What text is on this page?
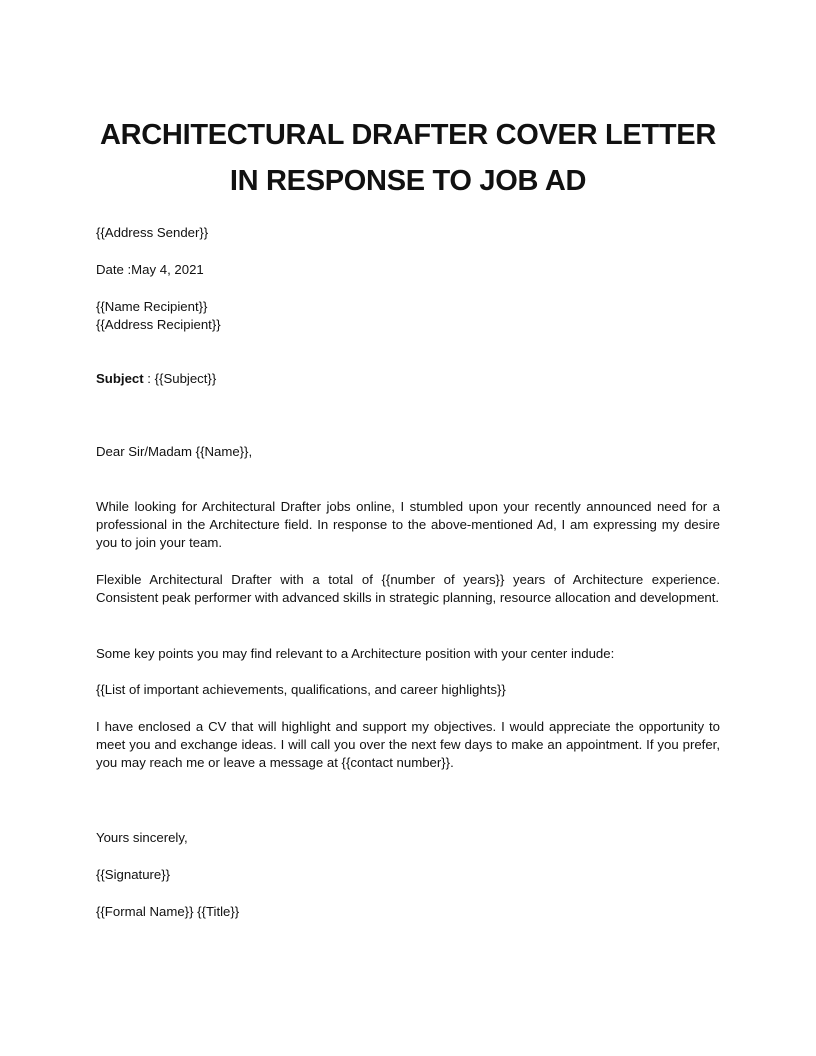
ARCHITECTURAL DRAFTER COVER LETTER
IN RESPONSE TO JOB AD
{{Address Sender}}
Date :May 4, 2021
{{Name Recipient}}
{{Address Recipient}}
Subject : {{Subject}}
Dear Sir/Madam {{Name}},
While looking for Architectural Drafter jobs online, I stumbled upon your recently announced need for a professional in the Architecture field. In response to the above-mentioned Ad, I am expressing my desire you to join your team.
Flexible Architectural Drafter with a total of {{number of years}} years of Architecture experience. Consistent peak performer with advanced skills in strategic planning, resource allocation and development.
Some key points you may find relevant to a Architecture position with your center indude:
{{List of important achievements, qualifications, and career highlights}}
I have enclosed a CV that will highlight and support my objectives. I would appreciate the opportunity to meet you and exchange ideas. I will call you over the next few days to make an appointment. If you prefer, you may reach me or leave a message at {{contact number}}.
Yours sincerely,
{{Signature}}
{{Formal Name}} {{Title}}
